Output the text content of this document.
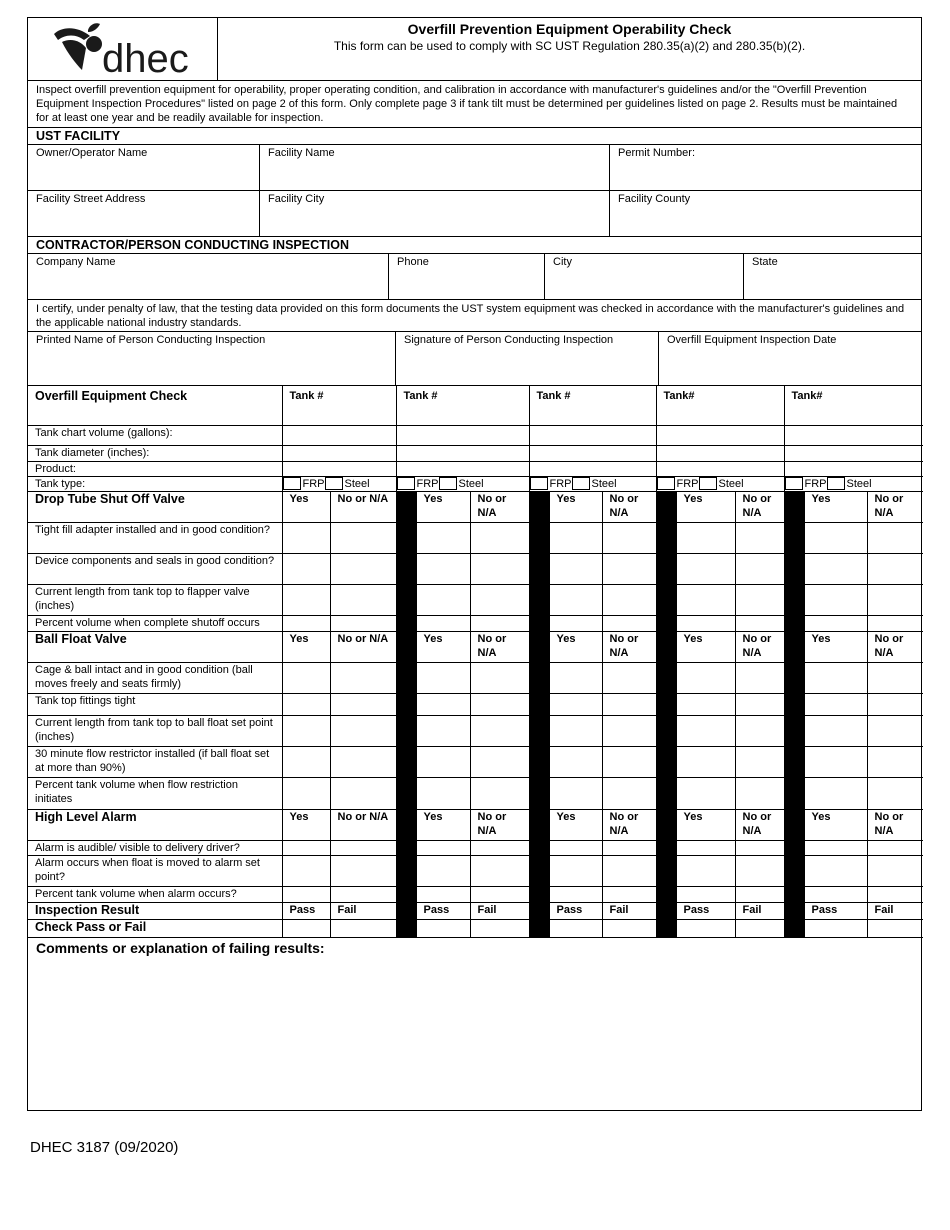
dhec
Overfill Prevention Equipment Operability Check
This form can be used to comply with SC UST Regulation 280.35(a)(2) and 280.35(b)(2).
Inspect overfill prevention equipment for operability, proper operating condition, and calibration in accordance with manufacturer's guidelines and/or the "Overfill Prevention Equipment Inspection Procedures" listed on page 2 of this form. Only complete page 3 if tank tilt must be determined per guidelines listed on page 2. Results must be maintained for at least one year and be readily available for inspection.
UST FACILITY
Owner/Operator Name	Facility Name	Permit Number:
Facility Street Address	Facility City	Facility County
CONTRACTOR/PERSON CONDUCTING INSPECTION
Company Name	Phone	City	State
I certify, under penalty of law, that the testing data provided on this form documents the UST system equipment was checked in accordance with the manufacturer's guidelines and the applicable national industry standards.
Printed Name of Person Conducting Inspection	Signature of Person Conducting Inspection	Overfill Equipment Inspection Date
Overfill Equipment Check	Tank #		Tank #			Tank #			Tank#			Tank#		
Tank chart volume (gallons):														
Tank diameter (inches):														
Product:														
Tank type:	FRP Steel		FRP Steel			FRP Steel			FRP Steel			FRP Steel		
Drop Tube Shut Off Valve	Yes	No or N/A		Yes	No or N/A		Yes	No or N/A		Yes	No or N/A		Yes	No or N/A
Tight fill adapter installed and in good condition?														
Device components and seals in good condition?														
Current length from tank top to flapper valve (inches)														
Percent volume when complete shutoff occurs														
Ball Float Valve	Yes	No or N/A		Yes	No or N/A		Yes	No or N/A		Yes	No or N/A		Yes	No or N/A
Cage & ball intact and in good condition (ball moves freely and seats firmly)														
Tank top fittings tight														
Current length from tank top to ball float set point (inches)														
30 minute flow restrictor installed (if ball float set at more than 90%)														
Percent tank volume when flow restriction initiates														
High Level Alarm	Yes	No or N/A		Yes	No or N/A		Yes	No or N/A		Yes	No or N/A		Yes	No or N/A
Alarm is audible/ visible to delivery driver?														
Alarm occurs when float is moved to alarm set point?														
Percent tank volume when alarm occurs?														
Inspection Result	Pass	Fail		Pass	Fail		Pass	Fail		Pass	Fail		Pass	Fail
Check Pass or Fail														
Comments or explanation of failing results:
DHEC 3187 (09/2020)
